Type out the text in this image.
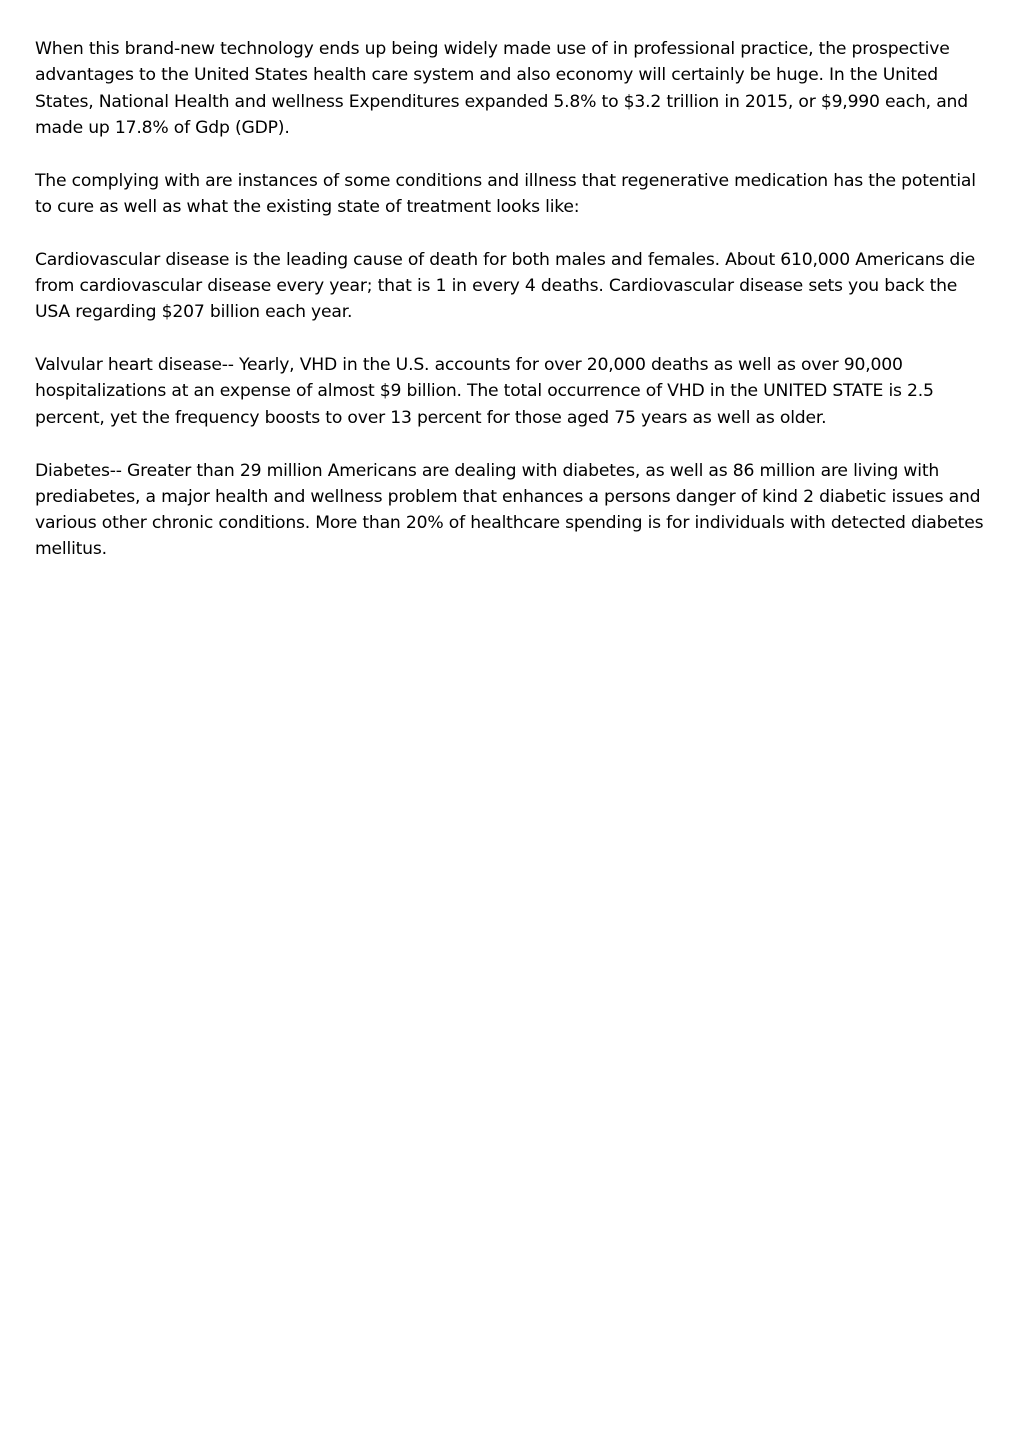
When this brand-new technology ends up being widely made use of in professional practice, the prospective advantages to the United States health care system and also economy will certainly be huge. In the United States, National Health and wellness Expenditures expanded 5.8% to $3.2 trillion in 2015, or $9,990 each, and made up 17.8% of Gdp (GDP).

The complying with are instances of some conditions and illness that regenerative medication has the potential to cure as well as what the existing state of treatment looks like:

Cardiovascular disease is the leading cause of death for both males and females. About 610,000 Americans die from cardiovascular disease every year; that is 1 in every 4 deaths. Cardiovascular disease sets you back the USA regarding $207 billion each year.

Valvular heart disease-- Yearly, VHD in the U.S. accounts for over 20,000 deaths as well as over 90,000 hospitalizations at an expense of almost $9 billion. The total occurrence of VHD in the UNITED STATE is 2.5 percent, yet the frequency boosts to over 13 percent for those aged 75 years as well as older.

Diabetes-- Greater than 29 million Americans are dealing with diabetes, as well as 86 million are living with prediabetes, a major health and wellness problem that enhances a persons danger of kind 2 diabetic issues and various other chronic conditions. More than 20% of healthcare spending is for individuals with detected diabetes mellitus.
